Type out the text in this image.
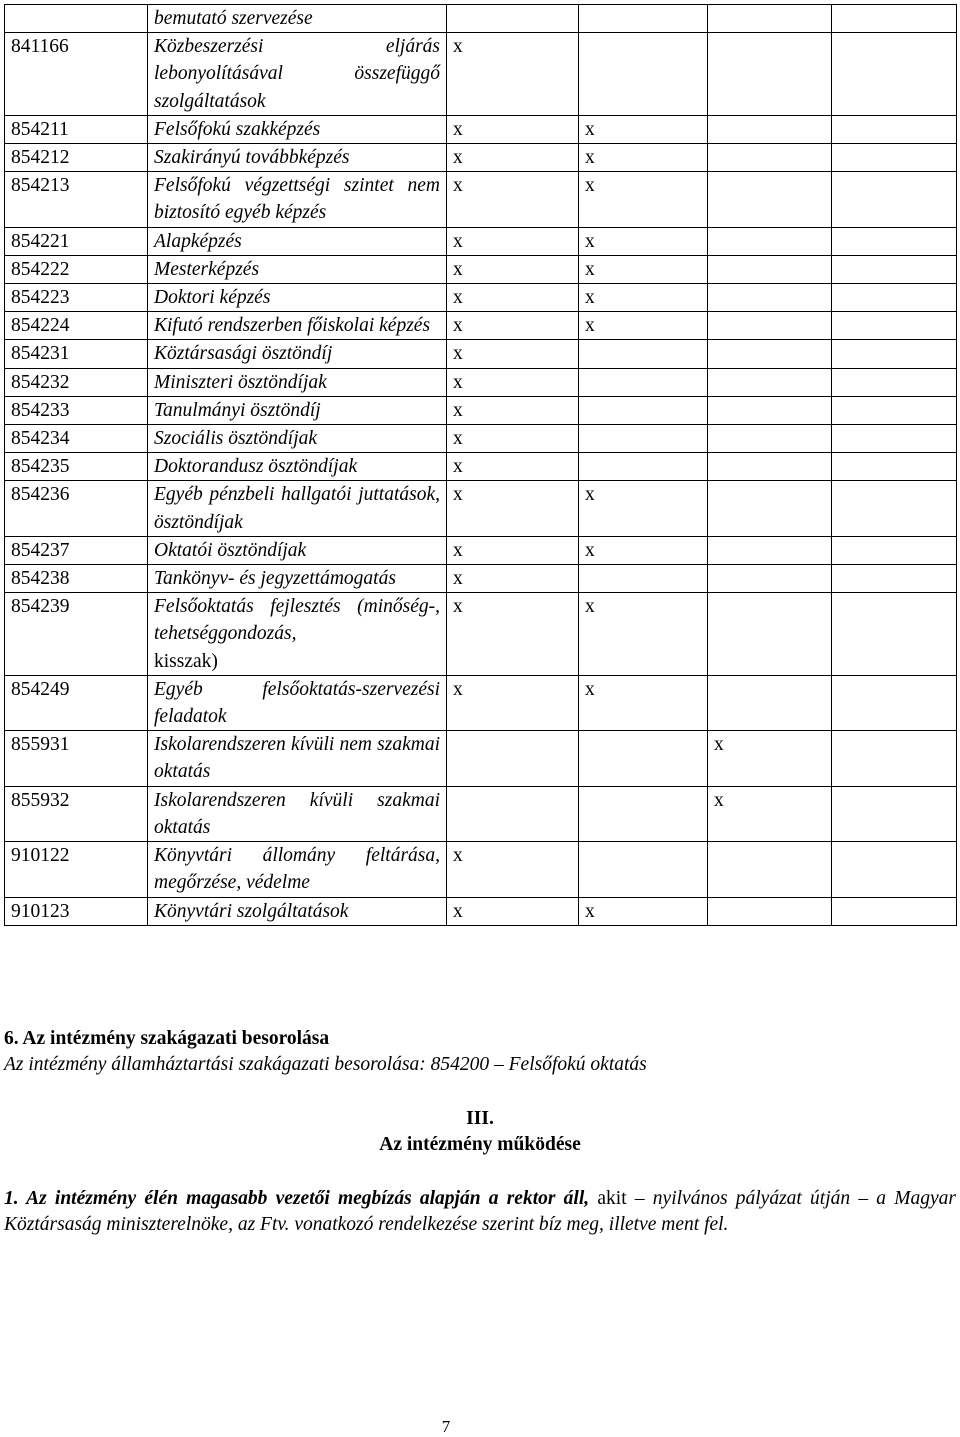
	bemutató szervezése				
841166	Közbeszerzési eljárás lebonyolításával összefüggő szolgáltatások	x			
854211	Felsőfokú szakképzés	x	x		
854212	Szakirányú továbbképzés	x	x		
854213	Felsőfokú végzettségi szintet nem biztosító egyéb képzés	x	x		
854221	Alapképzés	x	x		
854222	Mesterképzés	x	x		
854223	Doktori képzés	x	x		
854224	Kifutó rendszerben főiskolai képzés	x	x		
854231	Köztársasági ösztöndíj	x			
854232	Miniszteri ösztöndíjak	x			
854233	Tanulmányi ösztöndíj	x			
854234	Szociális ösztöndíjak	x			
854235	Doktorandusz ösztöndíjak	x			
854236	Egyéb pénzbeli hallgatói juttatások, ösztöndíjak	x	x		
854237	Oktatói ösztöndíjak	x	x		
854238	Tankönyv- és jegyzettámogatás	x			
854239	Felsőoktatás fejlesztés (minőség-, tehetséggondozás,
kisszak)	x	x		
854249	Egyéb felsőoktatás-szervezési feladatok	x	x		
855931	Iskolarendszeren kívüli nem szakmai oktatás			x	
855932	Iskolarendszeren kívüli szakmai oktatás			x	
910122	Könyvtári állomány feltárása, megőrzése, védelme	x			
910123	Könyvtári szolgáltatások	x	x		
6. Az intézmény szakágazati besorolása
Az intézmény államháztartási szakágazati besorolása: 854200 – Felsőfokú oktatás
III.
Az intézmény működése
1. Az intézmény élén magasabb vezetői megbízás alapján a rektor áll, akit – nyilvános pályázat útján – a Magyar Köztársaság miniszterelnöke, az Ftv. vonatkozó rendelkezése szerint bíz meg, illetve ment fel.
7
